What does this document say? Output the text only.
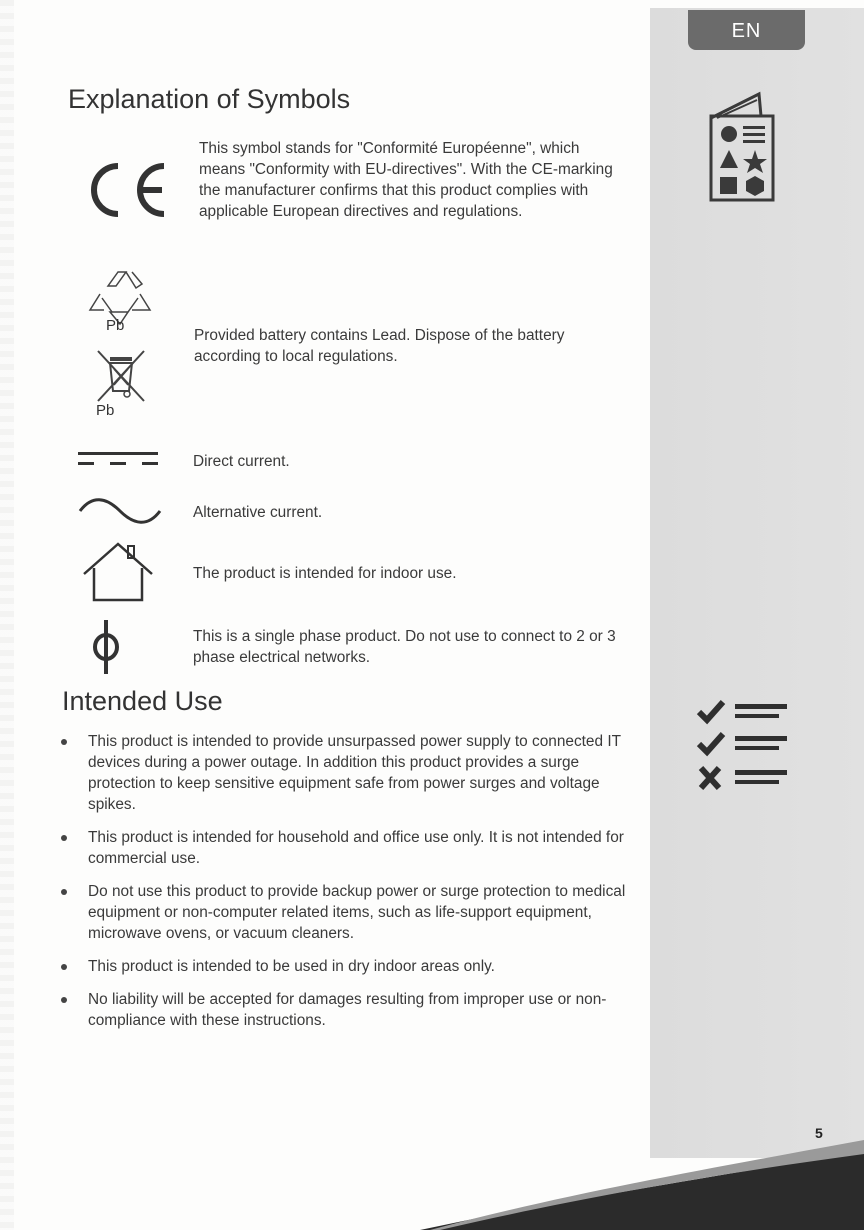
EN
Explanation of Symbols

This symbol stands for "Conformité Européenne", which means "Conformity with EU-directives". With the CE-marking the manufacturer confirms that this product complies with applicable European directives and regulations.

Pb
Pb

Provided battery contains Lead. Dispose of the battery according to local regulations.

Direct current.

Alternative current.

The product is intended for indoor use.

This is a single phase product. Do not use to connect to 2 or 3 phase electrical networks.

Intended Use
This product is intended to provide unsurpassed power supply to connected IT devices during a power outage. In addition this product provides a surge protection to keep sensitive equipment safe from power surges and voltage spikes.
This product is intended for household and office use only. It is not intended for commercial use.
Do not use this product to provide backup power or surge protection to medical equipment or non-computer related items, such as life-support equipment, microwave ovens, or vacuum cleaners.
This product is intended to be used in dry indoor areas only.
No liability will be accepted for damages resulting from improper use or non-compliance with these instructions.
5
